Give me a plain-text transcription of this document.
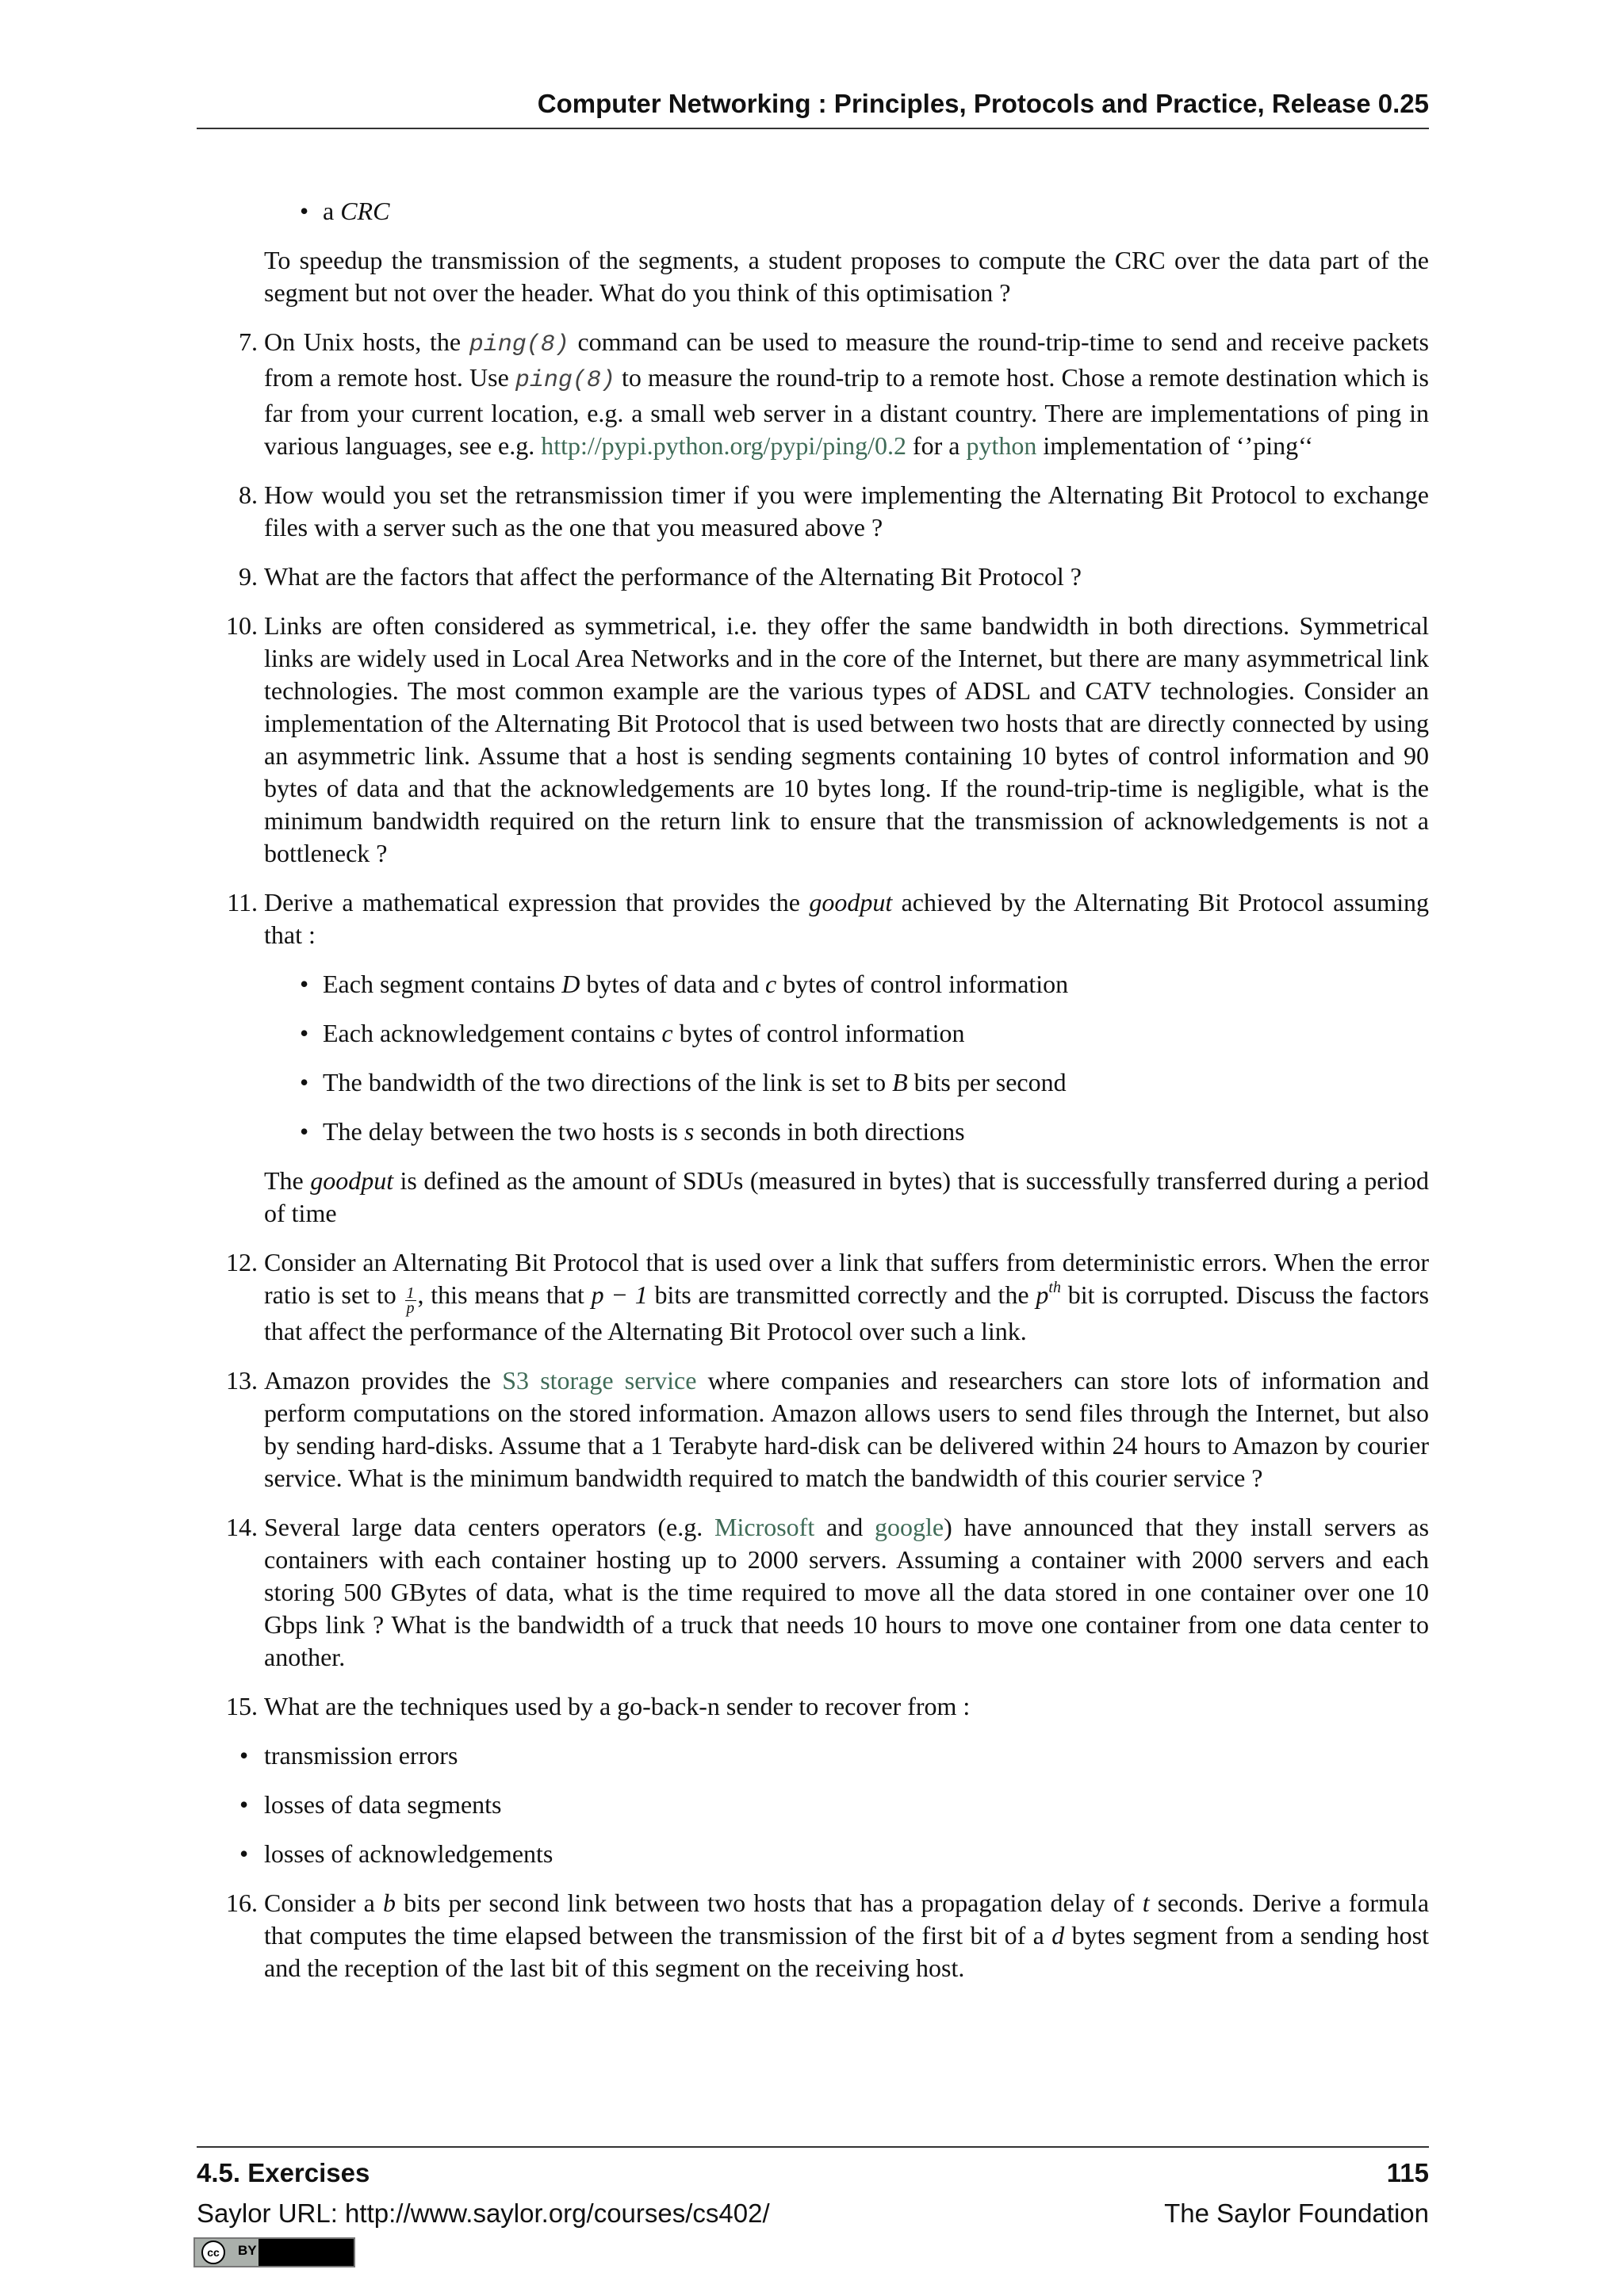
Computer Networking : Principles, Protocols and Practice, Release 0.25
• a CRC

To speedup the transmission of the segments, a student proposes to compute the CRC over the data part of the segment but not over the header. What do you think of this optimisation ?

7. On Unix hosts, the ping(8) command can be used to measure the round-trip-time to send and receive packets from a remote host. Use ping(8) to measure the round-trip to a remote host. Chose a remote destination which is far from your current location, e.g. a small web server in a distant country. There are implementations of ping in various languages, see e.g. http://pypi.python.org/pypi/ping/0.2 for a python implementation of ‘’ping‘‘
8. How would you set the retransmission timer if you were implementing the Alternating Bit Protocol to exchange files with a server such as the one that you measured above ?
9. What are the factors that affect the performance of the Alternating Bit Protocol ?
10. Links are often considered as symmetrical, i.e. they offer the same bandwidth in both directions. Symmetrical links are widely used in Local Area Networks and in the core of the Internet, but there are many asymmetrical link technologies. The most common example are the various types of ADSL and CATV technologies. Consider an implementation of the Alternating Bit Protocol that is used between two hosts that are directly connected by using an asymmetric link. Assume that a host is sending segments containing 10 bytes of control information and 90 bytes of data and that the acknowledgements are 10 bytes long. If the round-trip-time is negligible, what is the minimum bandwidth required on the return link to ensure that the transmission of acknowledgements is not a bottleneck ?
11. Derive a mathematical expression that provides the goodput achieved by the Alternating Bit Protocol assuming that :

• Each segment contains D bytes of data and c bytes of control information
• Each acknowledgement contains c bytes of control information
• The bandwidth of the two directions of the link is set to B bits per second
• The delay between the two hosts is s seconds in both directions

The goodput is defined as the amount of SDUs (measured in bytes) that is successfully transferred during a period of time

12. Consider an Alternating Bit Protocol that is used over a link that suffers from deterministic errors. When the error ratio is set to $\frac{1}{p}$ , this means that p − 1 bits are transmitted correctly and the $p^{th}$ bit is corrupted. Discuss the factors that affect the performance of the Alternating Bit Protocol over such a link.
13. Amazon provides the S3 storage service where companies and researchers can store lots of information and perform computations on the stored information. Amazon allows users to send files through the Internet, but also by sending hard-disks. Assume that a 1 Terabyte hard-disk can be delivered within 24 hours to Amazon by courier service. What is the minimum bandwidth required to match the bandwidth of this courier service ?
14. Several large data centers operators (e.g. Microsoft and google) have announced that they install servers as containers with each container hosting up to 2000 servers. Assuming a container with 2000 servers and each storing 500 GBytes of data, what is the time required to move all the data stored in one container over one 10 Gbps link ? What is the bandwidth of a truck that needs 10 hours to move one container from one data center to another.
15. What are the techniques used by a go-back-n sender to recover from :

• transmission errors
• losses of data segments
• losses of acknowledgements
16. Consider a b bits per second link between two hosts that has a propagation delay of t seconds. Derive a formula that computes the time elapsed between the transmission of the first bit of a d bytes segment from a sending host and the reception of the last bit of this segment on the receiving host.
4.5. Exercises	115
Saylor URL: http://www.saylor.org/courses/cs402/	The Saylor Foundation
cc	BY
